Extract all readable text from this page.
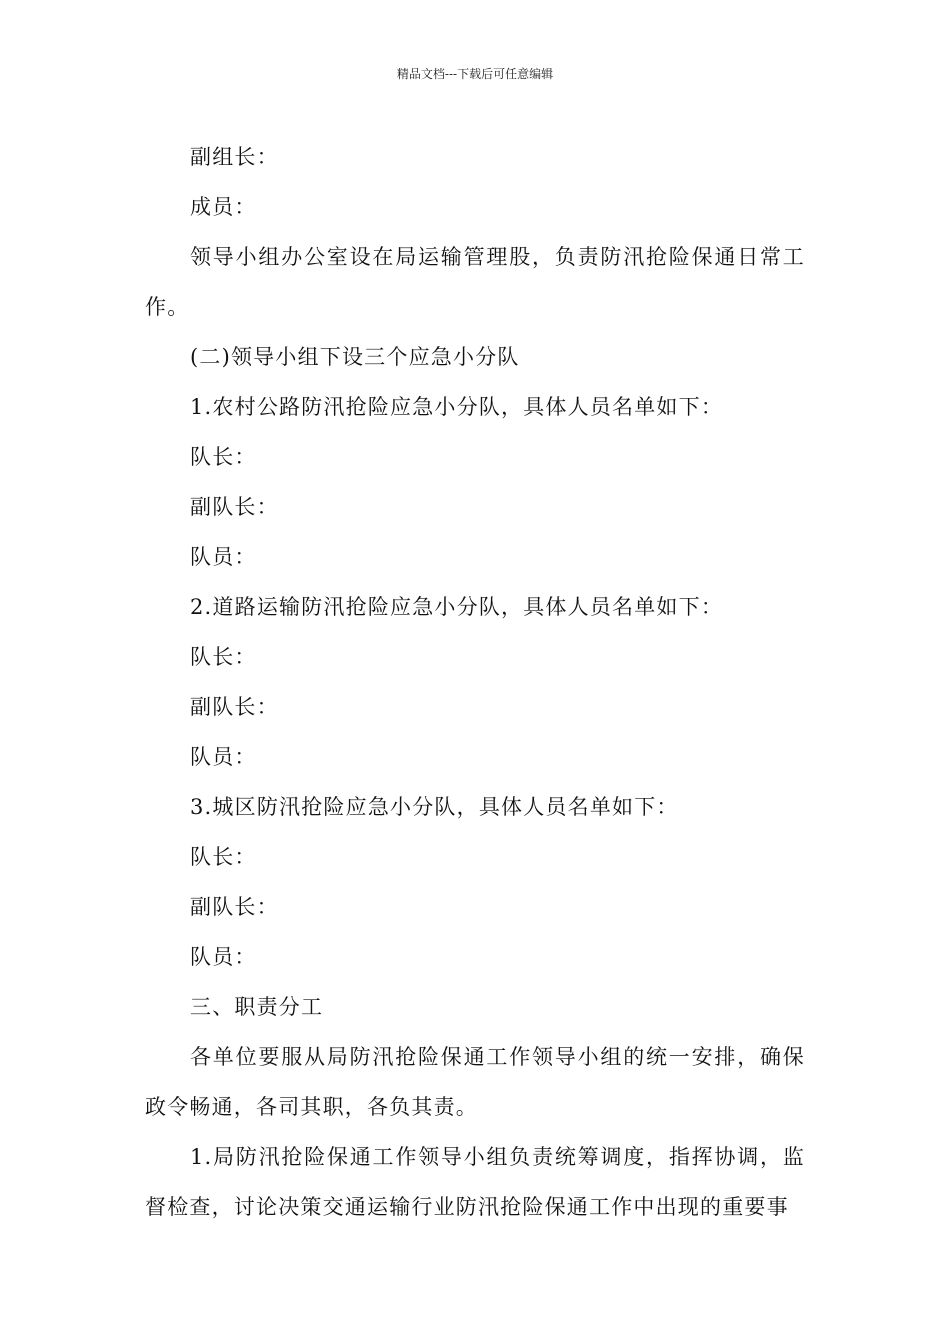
精品文档---下载后可任意编辑

副组长：

成员：

领导小组办公室设在局运输管理股，负责防汛抢险保通日常工作。

(二)领导小组下设三个应急小分队

1.农村公路防汛抢险应急小分队，具体人员名单如下：

队长：

副队长：

队员：

2.道路运输防汛抢险应急小分队，具体人员名单如下：

队长：

副队长：

队员：

3.城区防汛抢险应急小分队，具体人员名单如下：

队长：

副队长：

队员：

三、职责分工

各单位要服从局防汛抢险保通工作领导小组的统一安排，确保政令畅通，各司其职，各负其责。

1.局防汛抢险保通工作领导小组负责统筹调度，指挥协调，监督检查，讨论决策交通运输行业防汛抢险保通工作中出现的重要事
